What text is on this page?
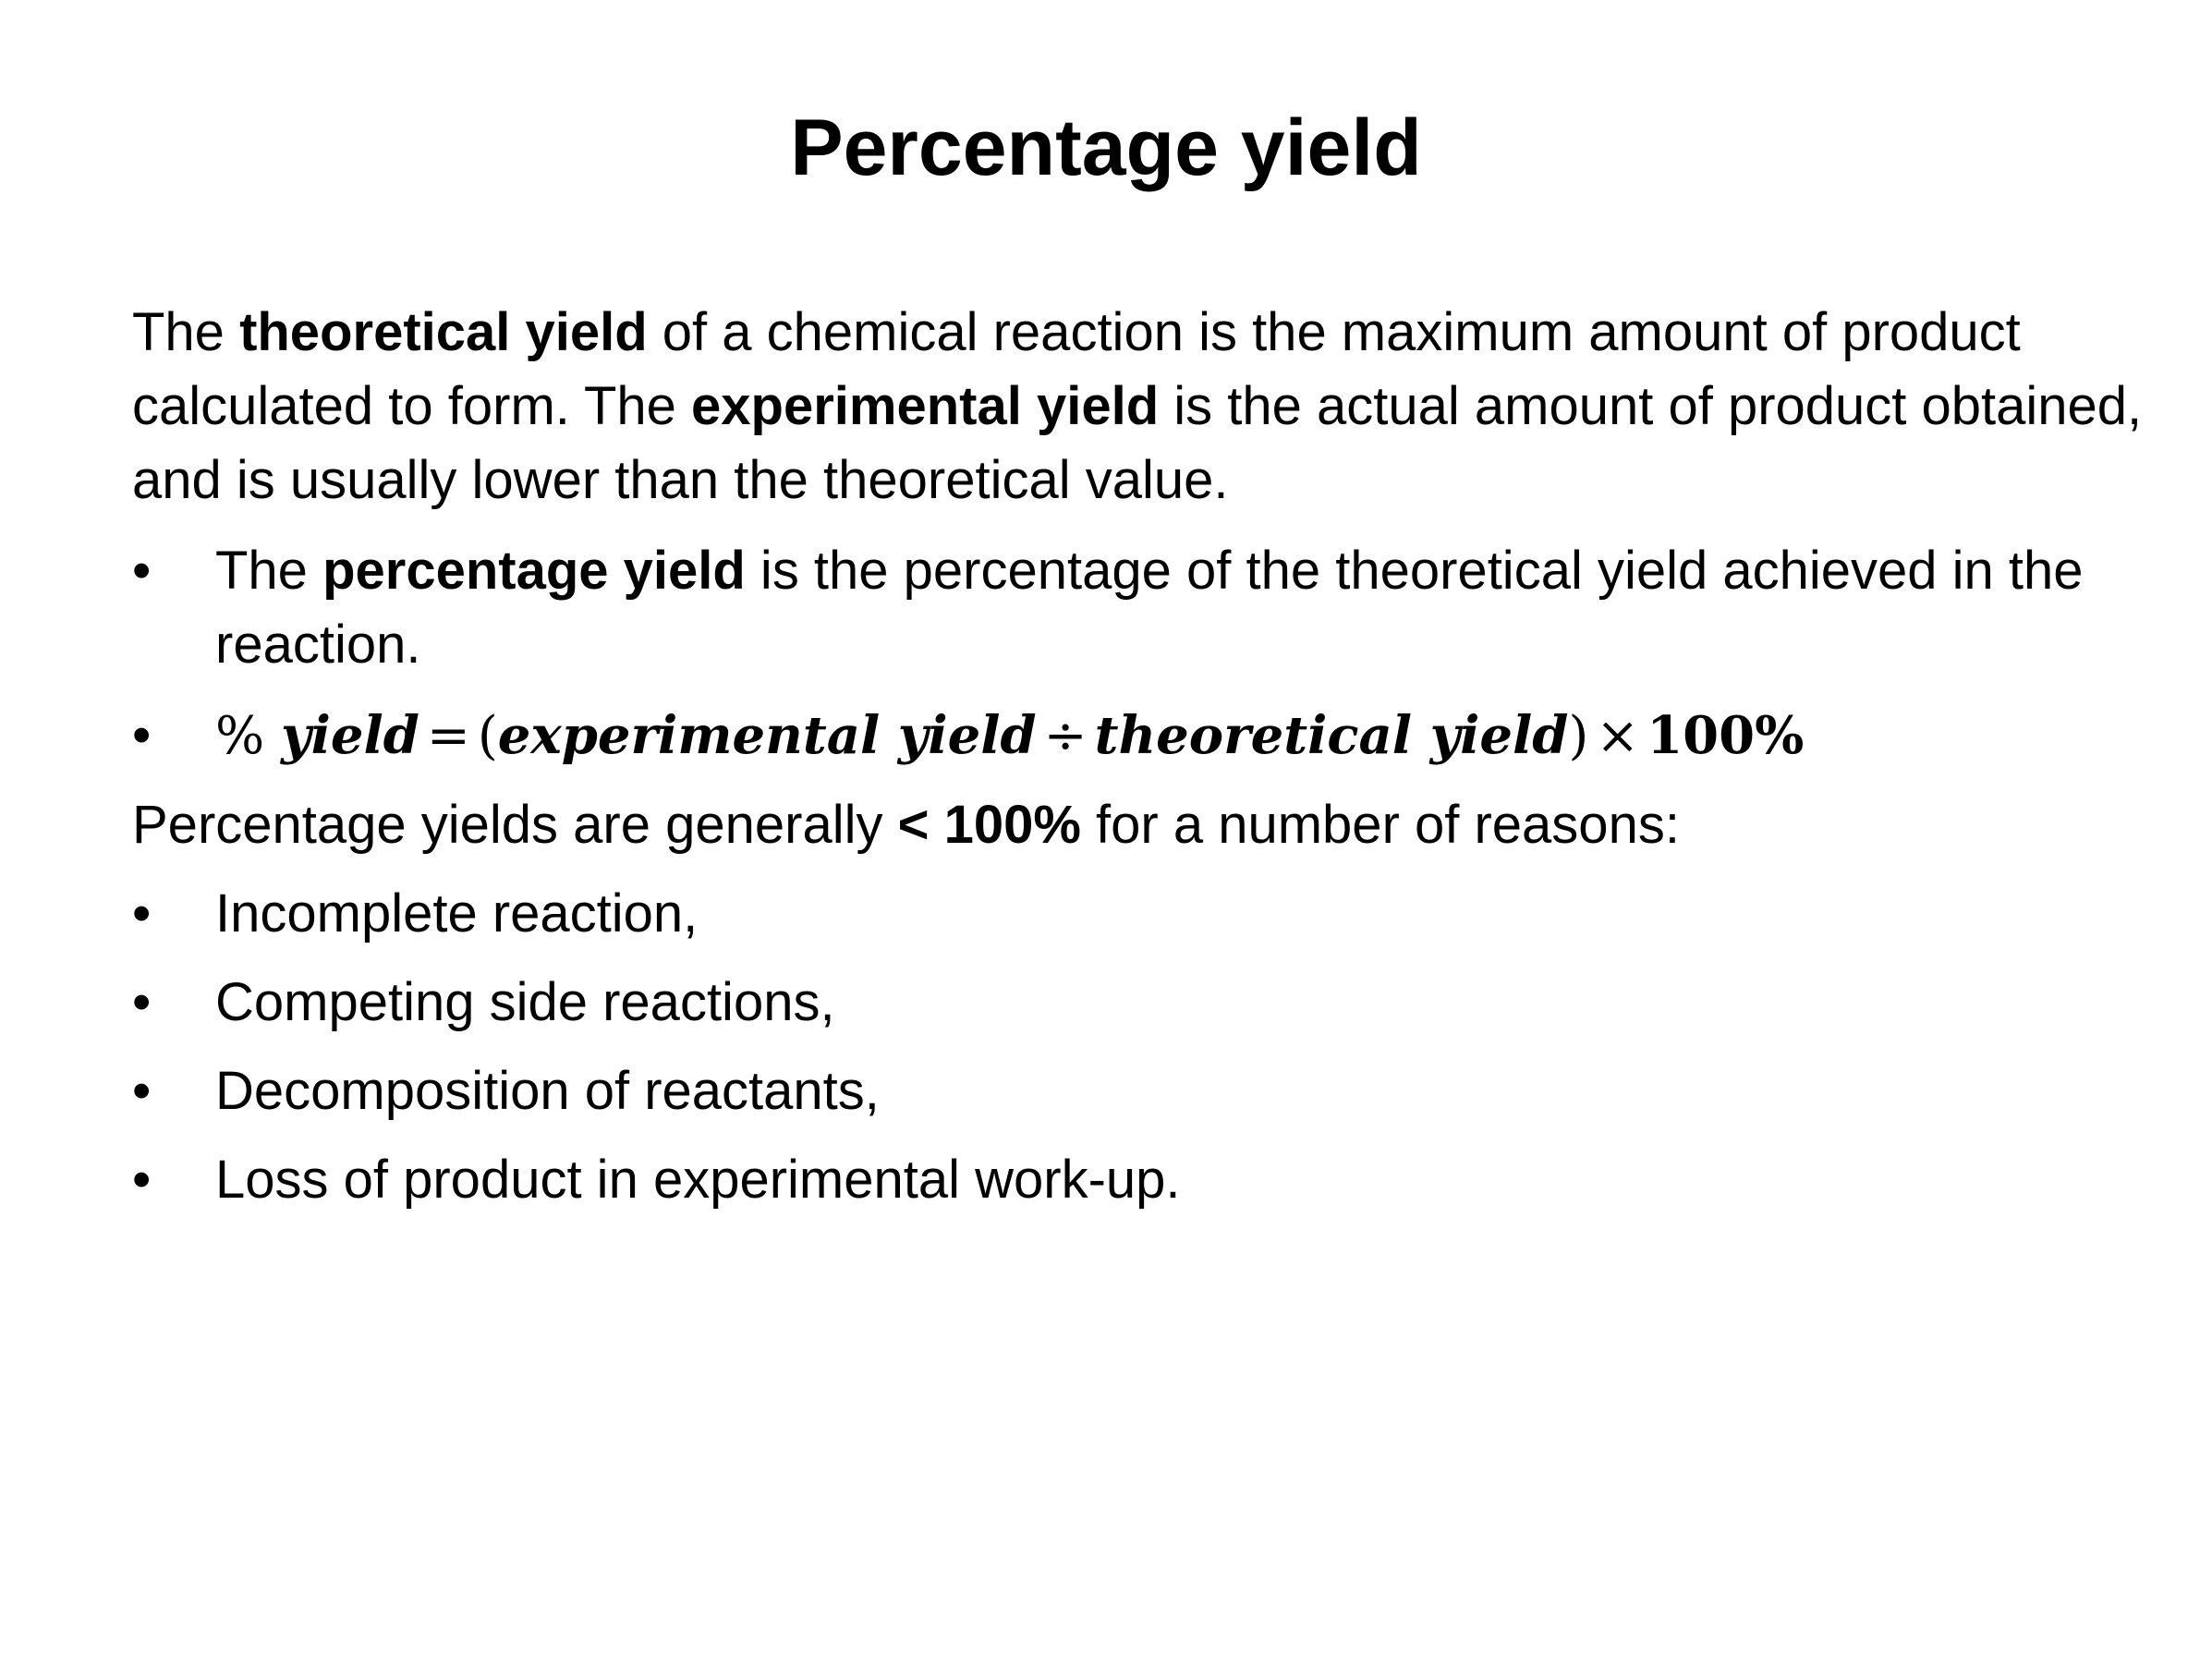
Percentage yield

The theoretical yield of a chemical reaction is the maximum amount of product calculated to form. The experimental yield is the actual amount of product obtained, and is usually lower than the theoretical value.

•	The percentage yield is the percentage of the theoretical yield achieved in the reaction.

•	% yield = (experimental yield ÷ theoretical yield) × 100%

Percentage yields are generally < 100% for a number of reasons:

•	Incomplete reaction,

•	Competing side reactions,

•	Decomposition of reactants,

•	Loss of product in experimental work-up.
